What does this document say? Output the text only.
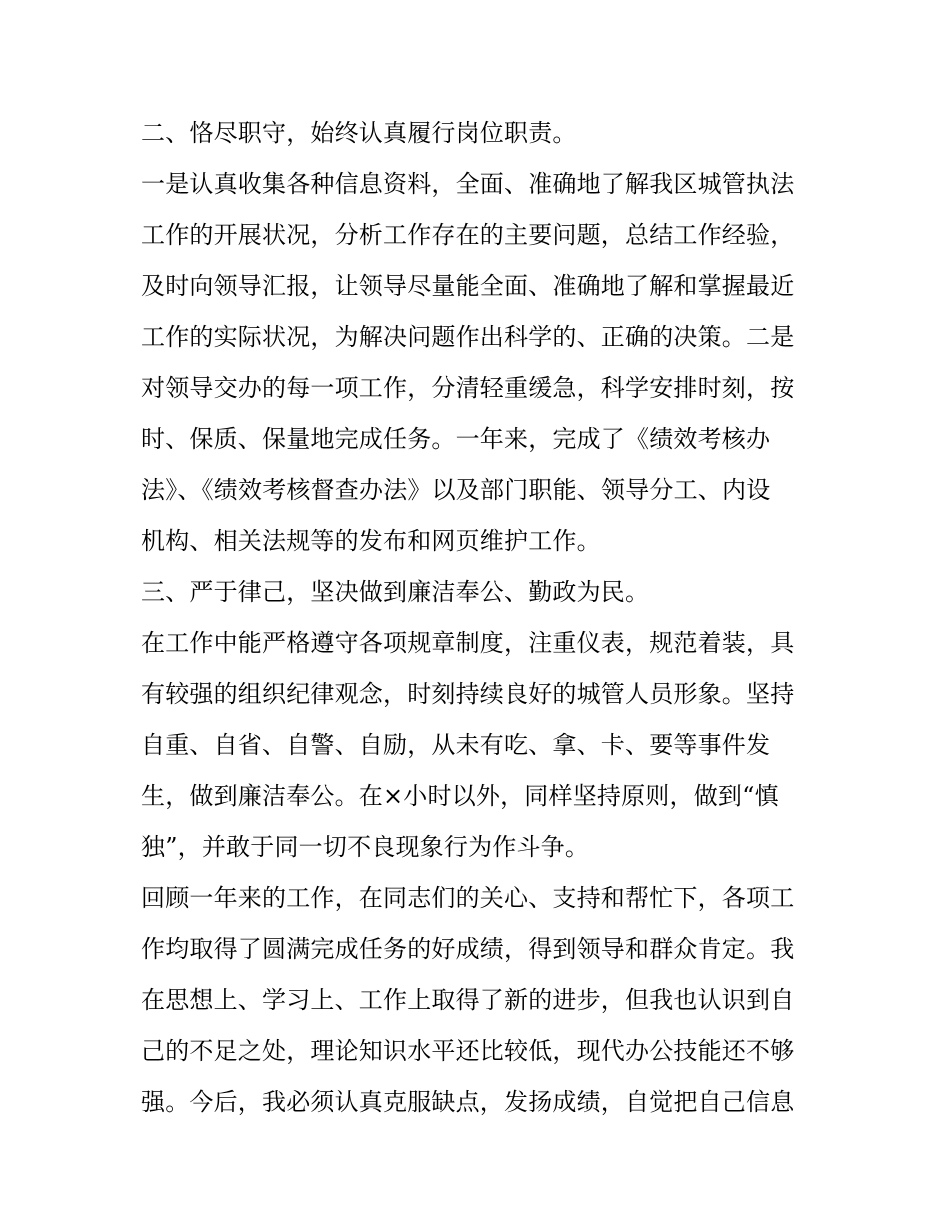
二、恪尽职守，始终认真履行岗位职责。
一是认真收集各种信息资料，全面、准确地了解我区城管执法
工作的开展状况，分析工作存在的主要问题，总结工作经验，
及时向领导汇报，让领导尽量能全面、准确地了解和掌握最近
工作的实际状况，为解决问题作出科学的、正确的决策。二是
对领导交办的每一项工作，分清轻重缓急，科学安排时刻，按
时、保质、保量地完成任务。一年来，完成了《绩效考核办
法》、《绩效考核督查办法》以及部门职能、领导分工、内设
机构、相关法规等的发布和网页维护工作。
三、严于律己，坚决做到廉洁奉公、勤政为民。
在工作中能严格遵守各项规章制度，注重仪表，规范着装，具
有较强的组织纪律观念，时刻持续良好的城管人员形象。坚持
自重、自省、自警、自励，从未有吃、拿、卡、要等事件发
生，做到廉洁奉公。在×小时以外，同样坚持原则，做到“慎
独”，并敢于同一切不良现象行为作斗争。
回顾一年来的工作，在同志们的关心、支持和帮忙下，各项工
作均取得了圆满完成任务的好成绩，得到领导和群众肯定。我
在思想上、学习上、工作上取得了新的进步，但我也认识到自
己的不足之处，理论知识水平还比较低，现代办公技能还不够
强。今后，我必须认真克服缺点，发扬成绩，自觉把自己信息
